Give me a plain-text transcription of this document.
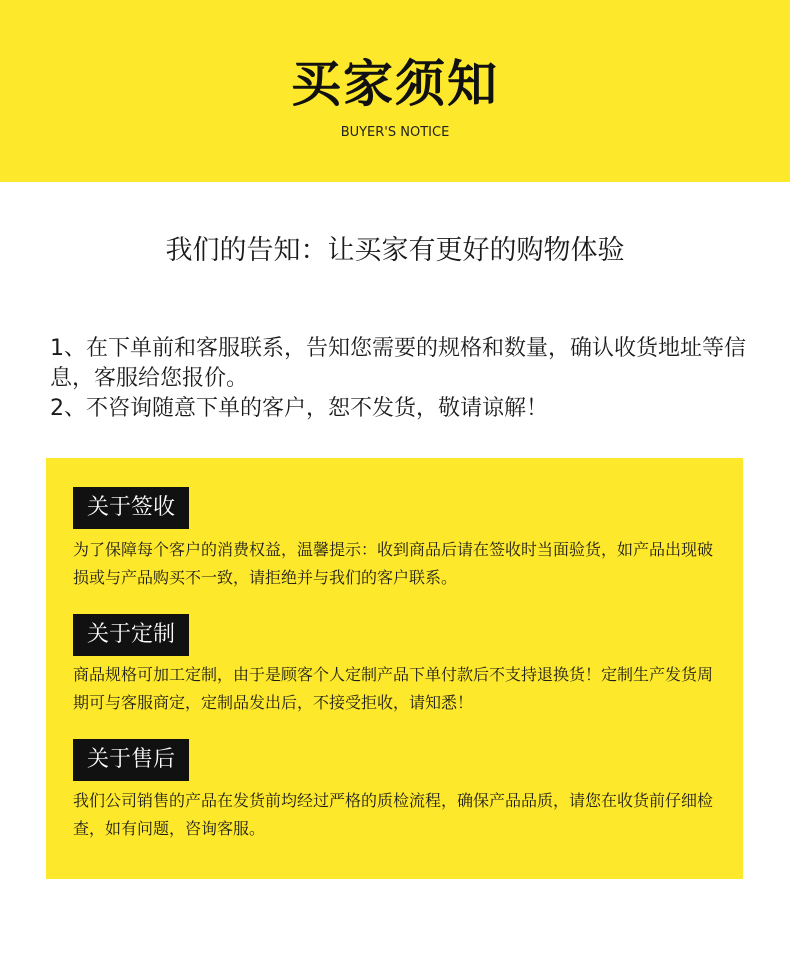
买家须知
BUYER'S NOTICE
我们的告知：让买家有更好的购物体验

1、在下单前和客服联系，告知您需要的规格和数量，确认收货地址等信息，客服给您报价。

2、不咨询随意下单的客户，恕不发货，敬请谅解！

关于签收
为了保障每个客户的消费权益，温馨提示：收到商品后请在签收时当面验货，如产品出现破损或与产品购买不一致，请拒绝并与我们的客户联系。
关于定制
商品规格可加工定制，由于是顾客个人定制产品下单付款后不支持退换货！定制生产发货周期可与客服商定，定制品发出后，不接受拒收，请知悉！
关于售后
我们公司销售的产品在发货前均经过严格的质检流程，确保产品品质，请您在收货前仔细检查，如有问题，咨询客服。
